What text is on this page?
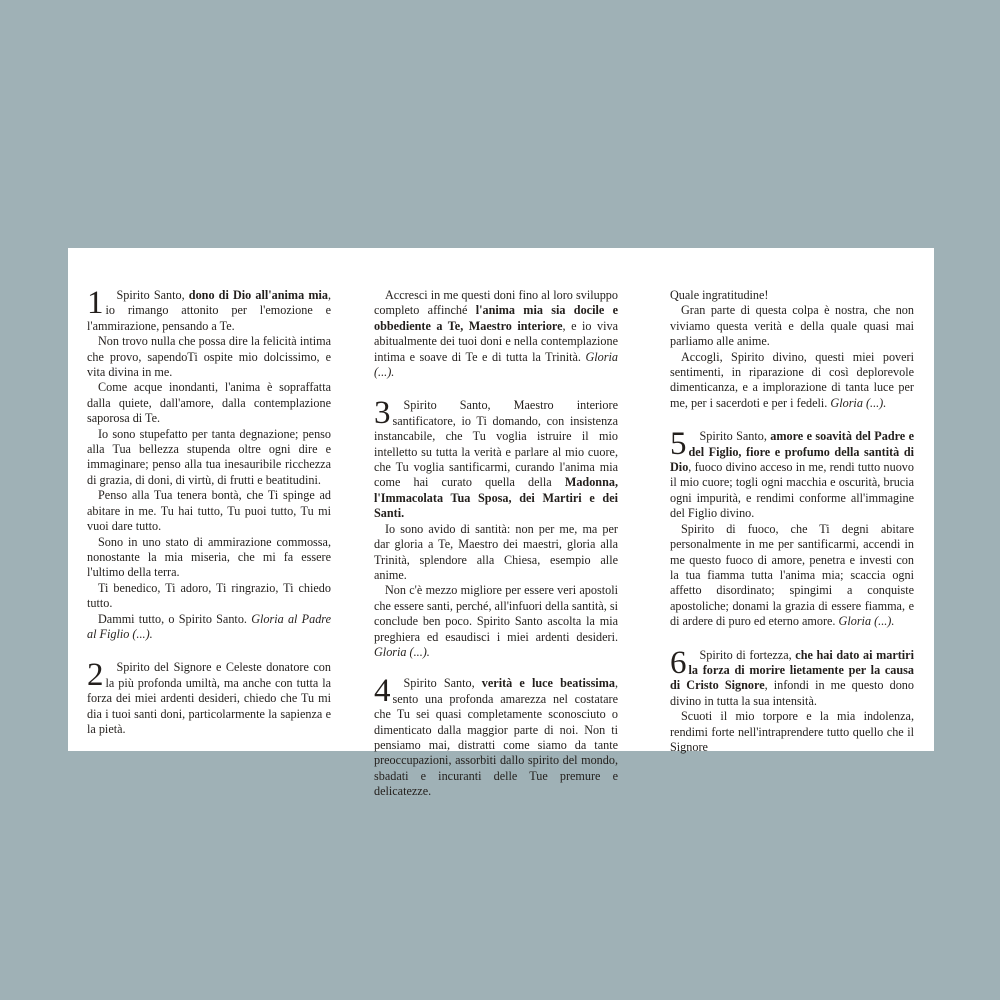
1 Spirito Santo, dono di Dio all'anima mia, io rimango attonito per l'emozione e l'ammirazione, pensando a Te.

Non trovo nulla che possa dire la felicità intima che provo, sapendoTi ospite mio dolcissimo, e vita divina in me.

Come acque inondanti, l'anima è sopraffatta dalla quiete, dall'amore, dalla contemplazione saporosa di Te.

Io sono stupefatto per tanta degnazione; penso alla Tua bellezza stupenda oltre ogni dire e immaginare; penso alla tua inesauribile ricchezza di grazia, di doni, di virtù, di frutti e beatitudini.

Penso alla Tua tenera bontà, che Ti spinge ad abitare in me. Tu hai tutto, Tu puoi tutto, Tu mi vuoi dare tutto.

Sono in uno stato di ammirazione commossa, nonostante la mia miseria, che mi fa essere l'ultimo della terra.

Ti benedico, Ti adoro, Ti ringrazio, Ti chiedo tutto.

Dammi tutto, o Spirito Santo. Gloria al Padre al Figlio (...).

2 Spirito del Signore e Celeste donatore con la più profonda umiltà, ma anche con tutta la forza dei miei ardenti desideri, chiedo che Tu mi dia i tuoi santi doni, particolarmente la sapienza e la pietà.

Accresci in me questi doni fino al loro sviluppo completo affinché l'anima mia sia docile e obbediente a Te, Maestro interiore, e io viva abitualmente dei tuoi doni e nella contemplazione intima e soave di Te e di tutta la Trinità. Gloria (...).

3 Spirito Santo, Maestro interiore santificatore, io Ti domando, con insistenza instancabile, che Tu voglia istruire il mio intelletto su tutta la verità e parlare al mio cuore, che Tu voglia santificarmi, curando l'anima mia come hai curato quella della Madonna, l'Immacolata Tua Sposa, dei Martiri e dei Santi.

Io sono avido di santità: non per me, ma per dar gloria a Te, Maestro dei maestri, gloria alla Trinità, splendore alla Chiesa, esempio alle anime.

Non c'è mezzo migliore per essere veri apostoli che essere santi, perché, all'infuori della santità, si conclude ben poco. Spirito Santo ascolta la mia preghiera ed esaudisci i miei ardenti desideri. Gloria (...).

4 Spirito Santo, verità e luce beatissima, sento una profonda amarezza nel costatare che Tu sei quasi completamente sconosciuto o dimenticato dalla maggior parte di noi. Non ti pensiamo mai, distratti come siamo da tante preoccupazioni, assorbiti dallo spirito del mondo, sbadati e incuranti delle Tue premure e delicatezze.

Quale ingratitudine!

Gran parte di questa colpa è nostra, che non viviamo questa verità e della quale quasi mai parliamo alle anime.

Accogli, Spirito divino, questi miei poveri sentimenti, in riparazione di così deplorevole dimenticanza, e a implorazione di tanta luce per me, per i sacerdoti e per i fedeli. Gloria (...).

5 Spirito Santo, amore e soavità del Padre e del Figlio, fiore e profumo della santità di Dio, fuoco divino acceso in me, rendi tutto nuovo il mio cuore; togli ogni macchia e oscurità, brucia ogni impurità, e rendimi conforme all'immagine del Figlio divino.

Spirito di fuoco, che Ti degni abitare personalmente in me per santificarmi, accendi in me questo fuoco di amore, penetra e investi con la tua fiamma tutta l'anima mia; scaccia ogni affetto disordinato; spingimi a conquiste apostoliche; donami la grazia di essere fiamma, e di ardere di puro ed eterno amore. Gloria (...).

6 Spirito di fortezza, che hai dato ai martiri la forza di morire lietamente per la causa di Cristo Signore, infondi in me questo dono divino in tutta la sua intensità.

Scuoti il mio torpore e la mia indolenza, rendimi forte nell'intraprendere tutto quello che il Signore
